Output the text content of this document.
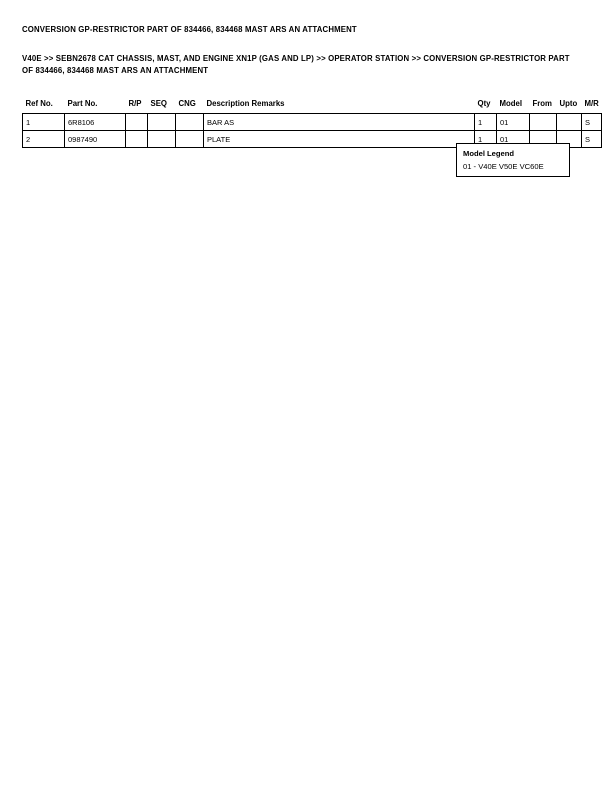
CONVERSION GP-RESTRICTOR PART OF 834466, 834468 MAST ARS AN ATTACHMENT
V40E >> SEBN2678 CAT CHASSIS, MAST, AND ENGINE XN1P (GAS AND LP) >> OPERATOR STATION >> CONVERSION GP-RESTRICTOR PART OF 834466, 834468 MAST ARS AN ATTACHMENT
Ref No.	Part No.	R/P	SEQ	CNG	Description Remarks	Qty	Model	From	Upto	M/R
1	6R8106				BAR AS	1	01			S
2	0987490				PLATE	1	01			S
Model Legend
01 - V40E V50E VC60E
